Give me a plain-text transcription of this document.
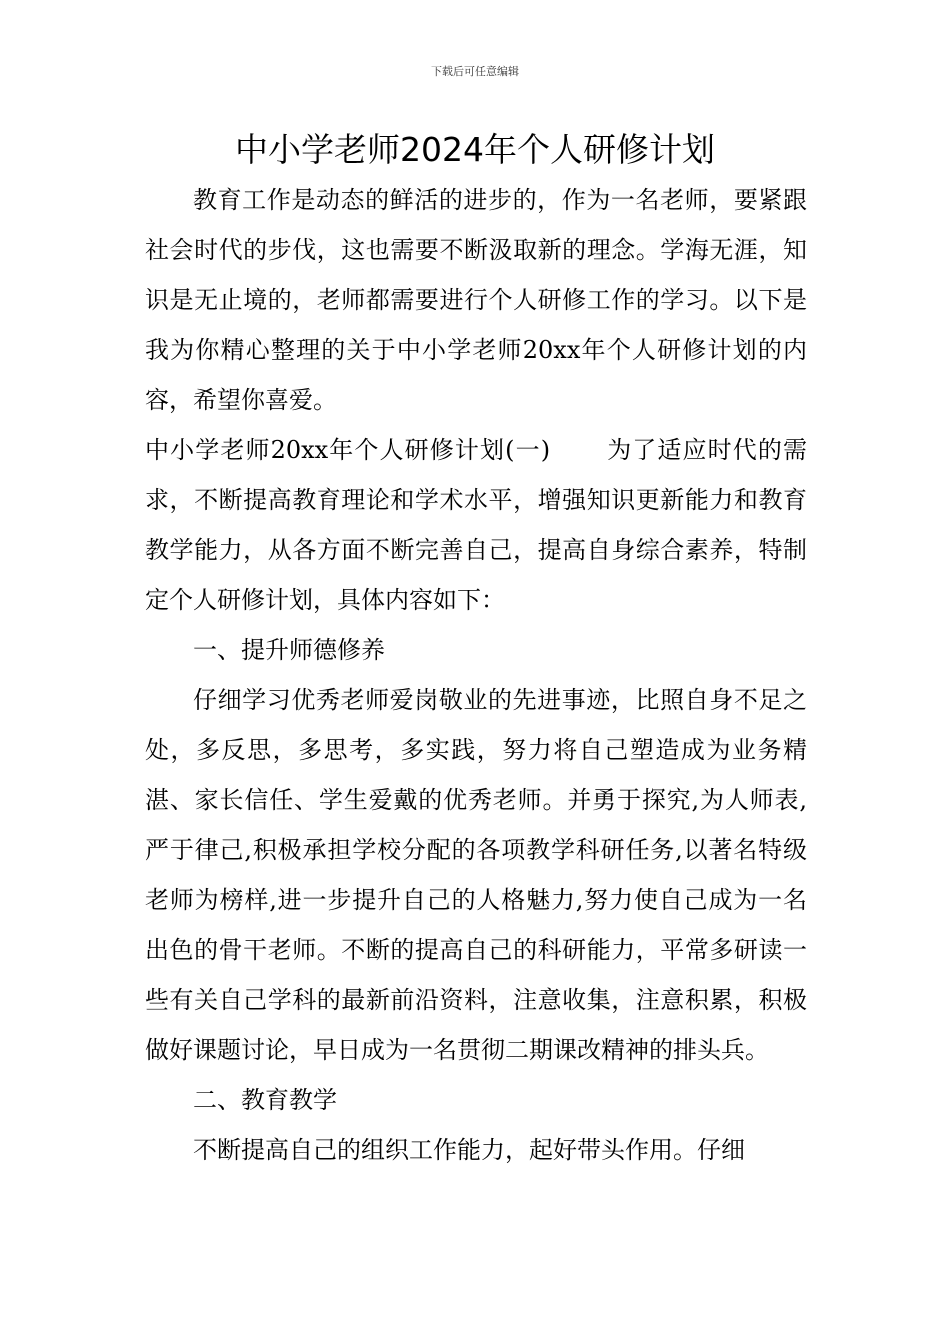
下载后可任意编辑
中小学老师2024年个人研修计划

教育工作是动态的鲜活的进步的，作为一名老师，要紧跟社会时代的步伐，这也需要不断汲取新的理念。学海无涯，知识是无止境的，老师都需要进行个人研修工作的学习。以下是我为你精心整理的关于中小学老师20xx年个人研修计划的内容，希望你喜爱。

中小学老师20xx年个人研修计划(一) 为了适应时代的需求，不断提高教育理论和学术水平，增强知识更新能力和教育教学能力，从各方面不断完善自己，提高自身综合素养，特制定个人研修计划，具体内容如下：

一、提升师德修养

仔细学习优秀老师爱岗敬业的先进事迹，比照自身不足之处，多反思，多思考，多实践，努力将自己塑造成为业务精湛、家长信任、学生爱戴的优秀老师。并勇于探究,为人师表,严于律己,积极承担学校分配的各项教学科研任务,以著名特级老师为榜样,进一步提升自己的人格魅力,努力使自己成为一名出色的骨干老师。不断的提高自己的科研能力，平常多研读一些有关自己学科的最新前沿资料，注意收集，注意积累，积极做好课题讨论，早日成为一名贯彻二期课改精神的排头兵。

二、教育教学

不断提高自己的组织工作能力，起好带头作用。仔细
